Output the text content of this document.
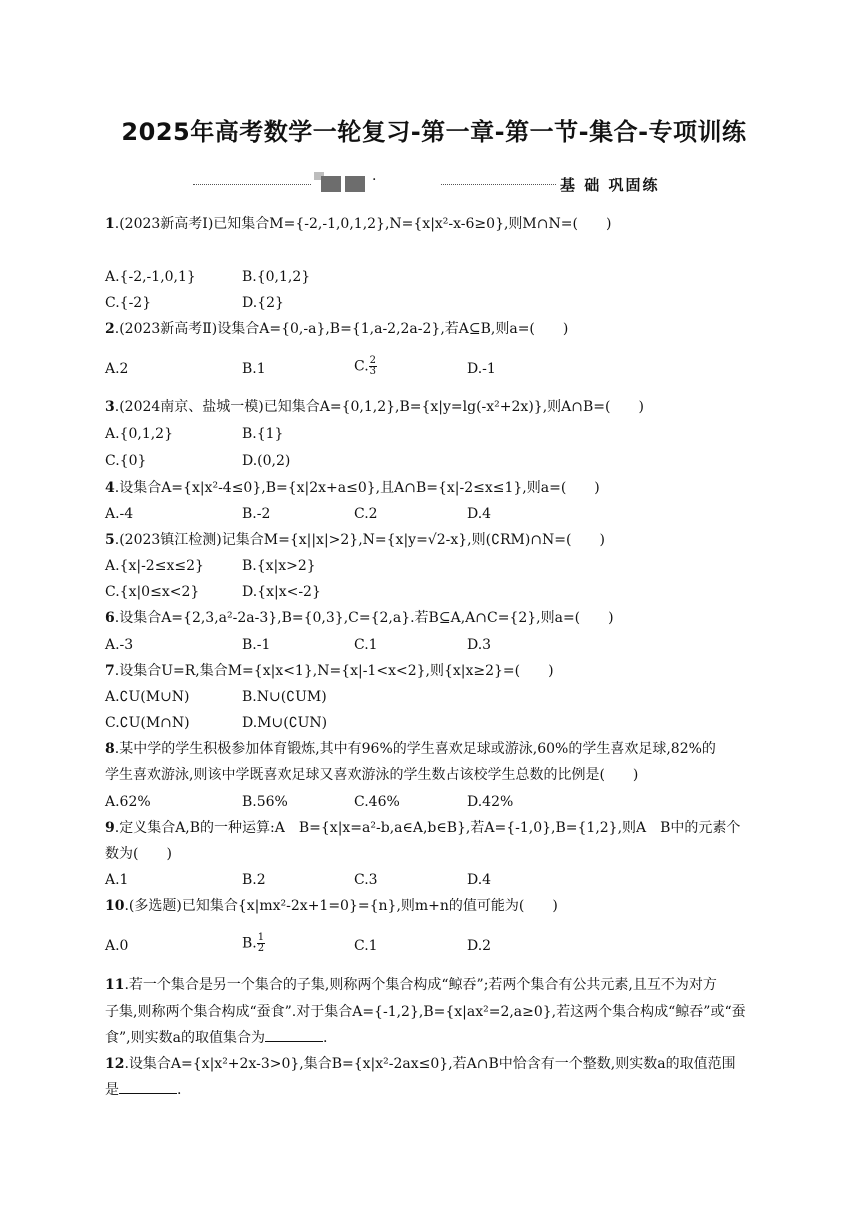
2025年高考数学一轮复习-第一章-第一节-集合-专项训练
·	基 础 巩固练
1.(2023新高考Ⅰ)已知集合M={-2,-1,0,1,2},N={x|x²-x-6≥0},则M∩N=(　　)
A.{-2,-1,0,1}	B.{0,1,2}
C.{-2}	D.{2}
2.(2023新高考Ⅱ)设集合A={0,-a},B={1,a-2,2a-2},若A⊆B,则a=(　　)
A.2	B.1	C. $\frac{2}{3}$	D.-1
3.(2024南京、盐城一模)已知集合A={0,1,2},B={x|y=lg(-x²+2x)},则A∩B=(　　)
A.{0,1,2}	B.{1}
C.{0}	D.(0,2)
4.设集合A={x|x²-4≤0},B={x|2x+a≤0},且A∩B={x|-2≤x≤1},则a=(　　)
A.-4	B.-2	C.2	D.4
5.(2023镇江检测)记集合M={x||x|>2},N={x|y=√2-x},则(∁RM)∩N=(　　)
A.{x|-2≤x≤2}	B.{x|x>2}
C.{x|0≤x<2}	D.{x|x<-2}
6.设集合A={2,3,a²-2a-3},B={0,3},C={2,a}.若B⊆A,A∩C={2},则a=(　　)
A.-3	B.-1	C.1	D.3
7.设集合U=R,集合M={x|x<1},N={x|-1<x<2},则{x|x≥2}=(　　)
A.∁U(M∪N)	B.N∪(∁UM)
C.∁U(M∩N)	D.M∪(∁UN)
8.某中学的学生积极参加体育锻炼,其中有96%的学生喜欢足球或游泳,60%的学生喜欢足球,82%的
学生喜欢游泳,则该中学既喜欢足球又喜欢游泳的学生数占该校学生总数的比例是(　　)
A.62%	B.56%	C.46%	D.42%
9.定义集合A,B的一种运算:A　B={x|x=a²-b,a∈A,b∈B},若A={-1,0},B={1,2},则A　B中的元素个
数为(　　)
A.1	B.2	C.3	D.4
10.(多选题)已知集合{x|mx²-2x+1=0}={n},则m+n的值可能为(　　)
A.0	B. $\frac{1}{2}$	C.1	D.2
11.若一个集合是另一个集合的子集,则称两个集合构成“鲸吞”;若两个集合有公共元素,且互不为对方
子集,则称两个集合构成“蚕食”.对于集合A={-1,2},B={x|ax²=2,a≥0},若这两个集合构成“鲸吞”或“蚕
食”,则实数a的取值集合为	.
12.设集合A={x|x²+2x-3>0},集合B={x|x²-2ax≤0},若A∩B中恰含有一个整数,则实数a的取值范围
是	.
